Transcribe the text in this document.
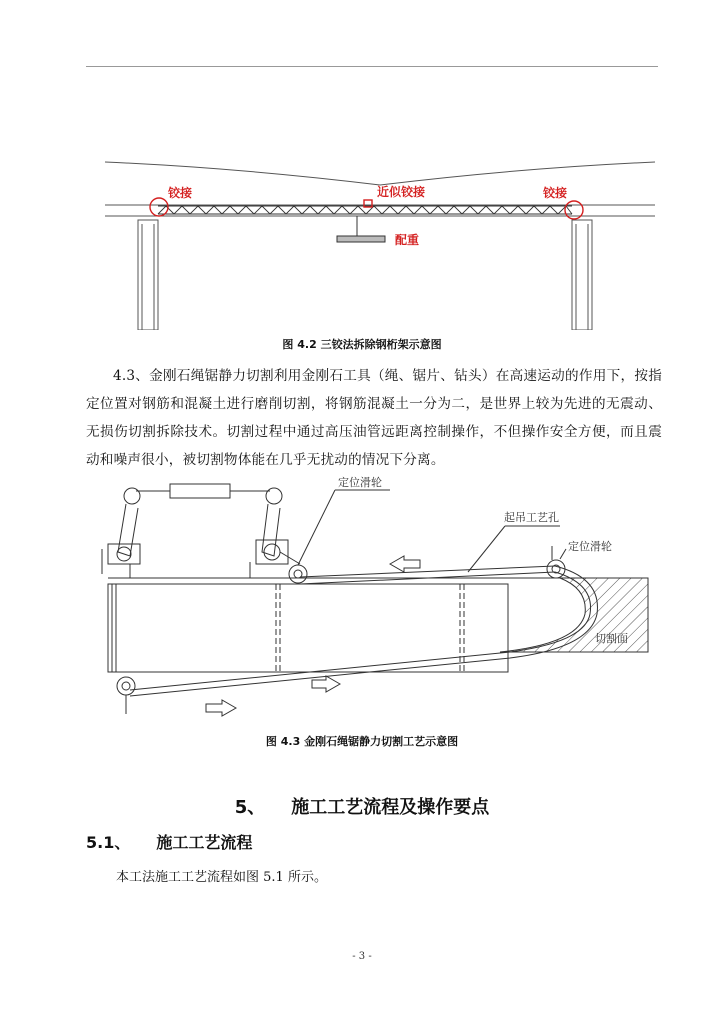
铰接	近似铰接	铰接
配重
图 4.2 三铰法拆除钢桁架示意图

4.3、金刚石绳锯静力切割利用金刚石工具（绳、锯片、钻头）在高速运动的作用下，按指定位置对钢筋和混凝土进行磨削切割，将钢筋混凝土一分为二，是世界上较为先进的无震动、无损伤切割拆除技术。切割过程中通过高压油管远距离控制操作，不但操作安全方便，而且震动和噪声很小，被切割物体能在几乎无扰动的情况下分离。

定位滑轮
起吊工艺孔
定位滑轮
切割面
图 4.3 金刚石绳锯静力切割工艺示意图
5、 施工工艺流程及操作要点
5.1、 施工工艺流程
本工法施工工艺流程如图 5.1 所示。
- 3 -
